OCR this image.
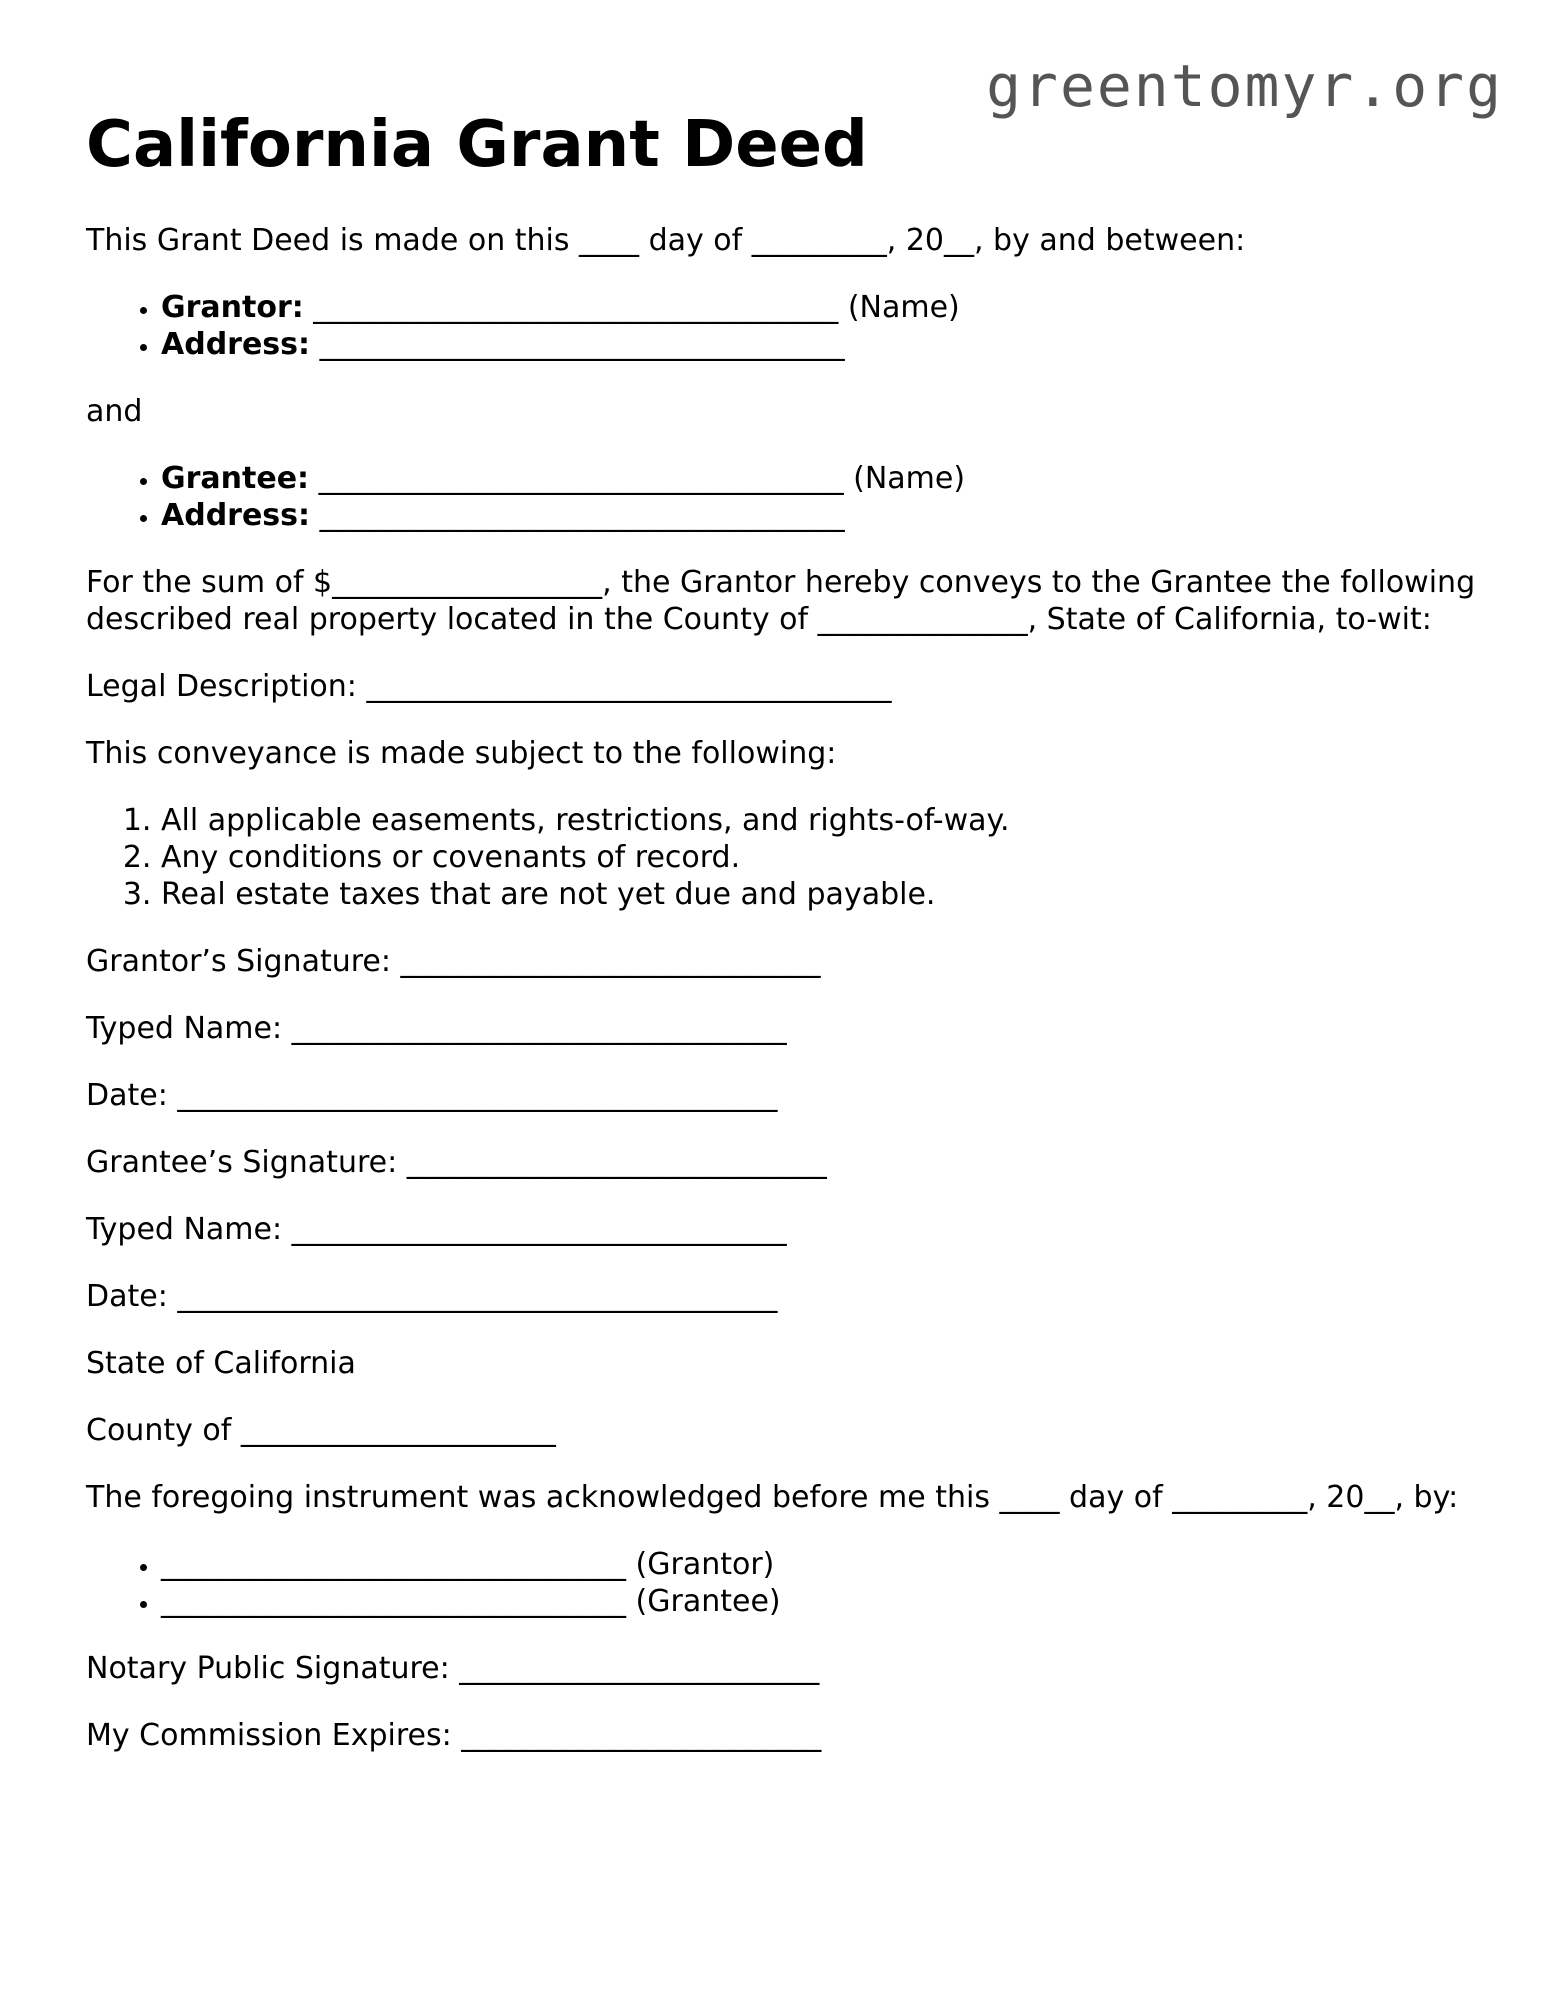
greentomyr.org
California Grant Deed

This Grant Deed is made on this ____ day of _________, 20__, by and between:

• Grantor: ___________________________________ (Name)
• Address: ___________________________________

and

• Grantee: ___________________________________ (Name)
• Address: ___________________________________

For the sum of $__________________, the Grantor hereby conveys to the Grantee the following described real property located in the County of ______________, State of California, to-wit:

Legal Description: ___________________________________

This conveyance is made subject to the following:

1. All applicable easements, restrictions, and rights-of-way.
2. Any conditions or covenants of record.
3. Real estate taxes that are not yet due and payable.

Grantor’s Signature: ____________________________

Typed Name: _________________________________

Date: ________________________________________

Grantee’s Signature: ____________________________

Typed Name: _________________________________

Date: ________________________________________

State of California

County of _____________________

The foregoing instrument was acknowledged before me this ____ day of _________, 20__, by:

• _______________________________ (Grantor)
• _______________________________ (Grantee)

Notary Public Signature: ________________________

My Commission Expires: ________________________
